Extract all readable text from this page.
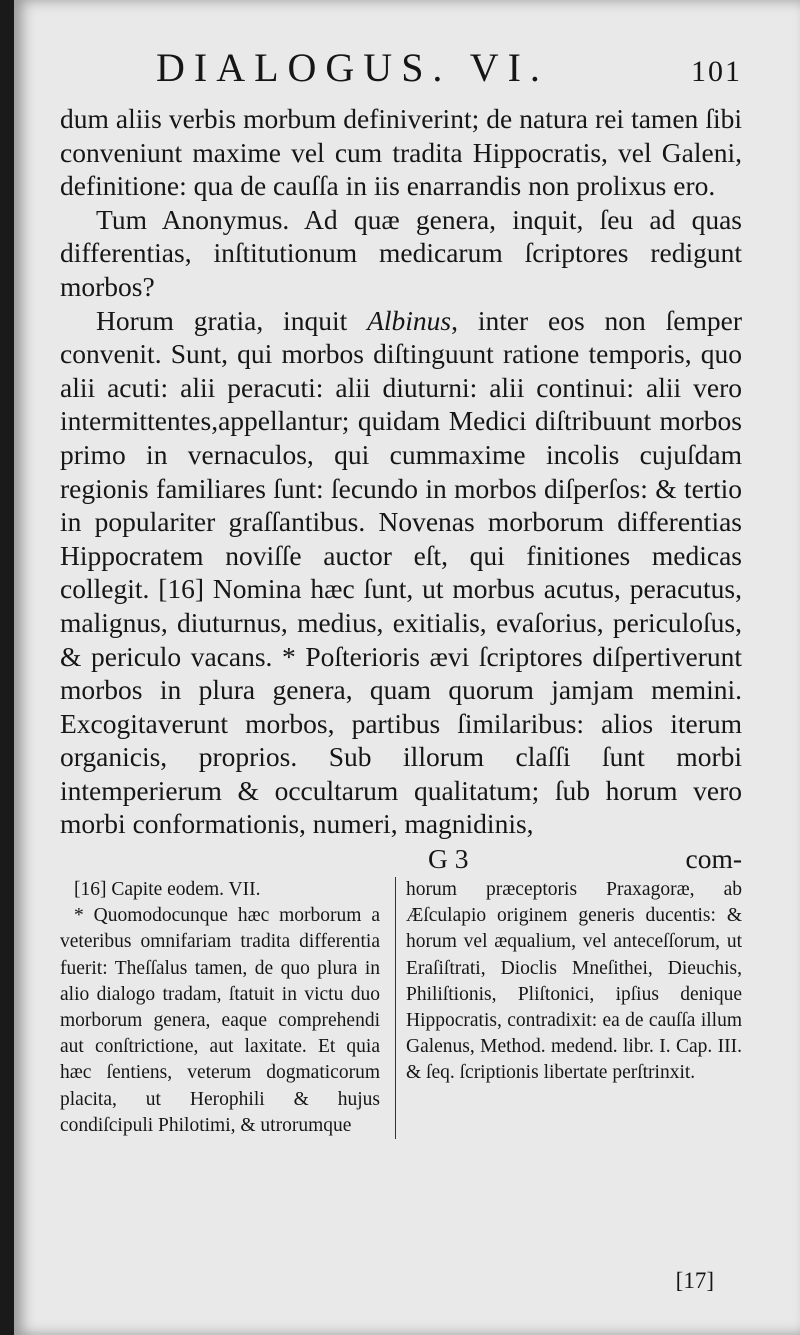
DIALOGUS. VI.	101

dum aliis verbis morbum definiverint; de natura rei tamen ſibi conveniunt maxime vel cum tradita Hippocratis, vel Galeni, definitione: qua de cauſſa in iis enarrandis non prolixus ero.

Tum Anonymus. Ad quæ genera, inquit, ſeu ad quas differentias, inſtitutionum medicarum ſcriptores redigunt morbos?

Horum gratia, inquit Albinus, inter eos non ſemper convenit. Sunt, qui morbos diſtinguunt ratione temporis, quo alii acuti: alii peracuti: alii diuturni: alii continui: alii vero intermittentes,appellantur; quidam Medici diſtribuunt morbos primo in vernaculos, qui cummaxime incolis cujuſdam regionis familiares ſunt: ſecundo in morbos diſperſos: & tertio in populariter graſſantibus. Novenas morborum differentias Hippocratem noviſſe auctor eſt, qui finitiones medicas collegit. [16] Nomina hæc ſunt, ut morbus acutus, peracutus, malignus, diuturnus, medius, exitialis, evaſorius, periculoſus, & periculo vacans. * Poſterioris ævi ſcriptores diſpertiverunt morbos in plura genera, quam quorum jamjam memini. Excogitaverunt morbos, partibus ſimilaribus: alios iterum organicis, proprios. Sub illorum claſſi ſunt morbi intemperierum & occultarum qualitatum; ſub horum vero morbi conformationis, numeri, magnidinis,

G 3	com-

[16] Capite eodem. VII.

* Quomodocunque hæc morborum a veteribus omnifariam tradita differentia fuerit: Theſſalus tamen, de quo plura in alio dialogo tradam, ſtatuit in victu duo morborum genera, eaque comprehendi aut conſtrictione, aut laxitate. Et quia hæc ſentiens, veterum dogmaticorum placita, ut Herophili & hujus condiſcipuli Philotimi, & utrorumque

horum præceptoris Praxagoræ, ab Æſculapio originem generis ducentis: & horum vel æqualium, vel anteceſſorum, ut Eraſiſtrati, Dioclis Mneſithei, Dieuchis, Philiſtionis, Pliſtonici, ipſius denique Hippocratis, contradixit: ea de cauſſa illum Galenus, Method. medend. libr. I. Cap. III. & ſeq. ſcriptionis libertate perſtrinxit.

[17]
